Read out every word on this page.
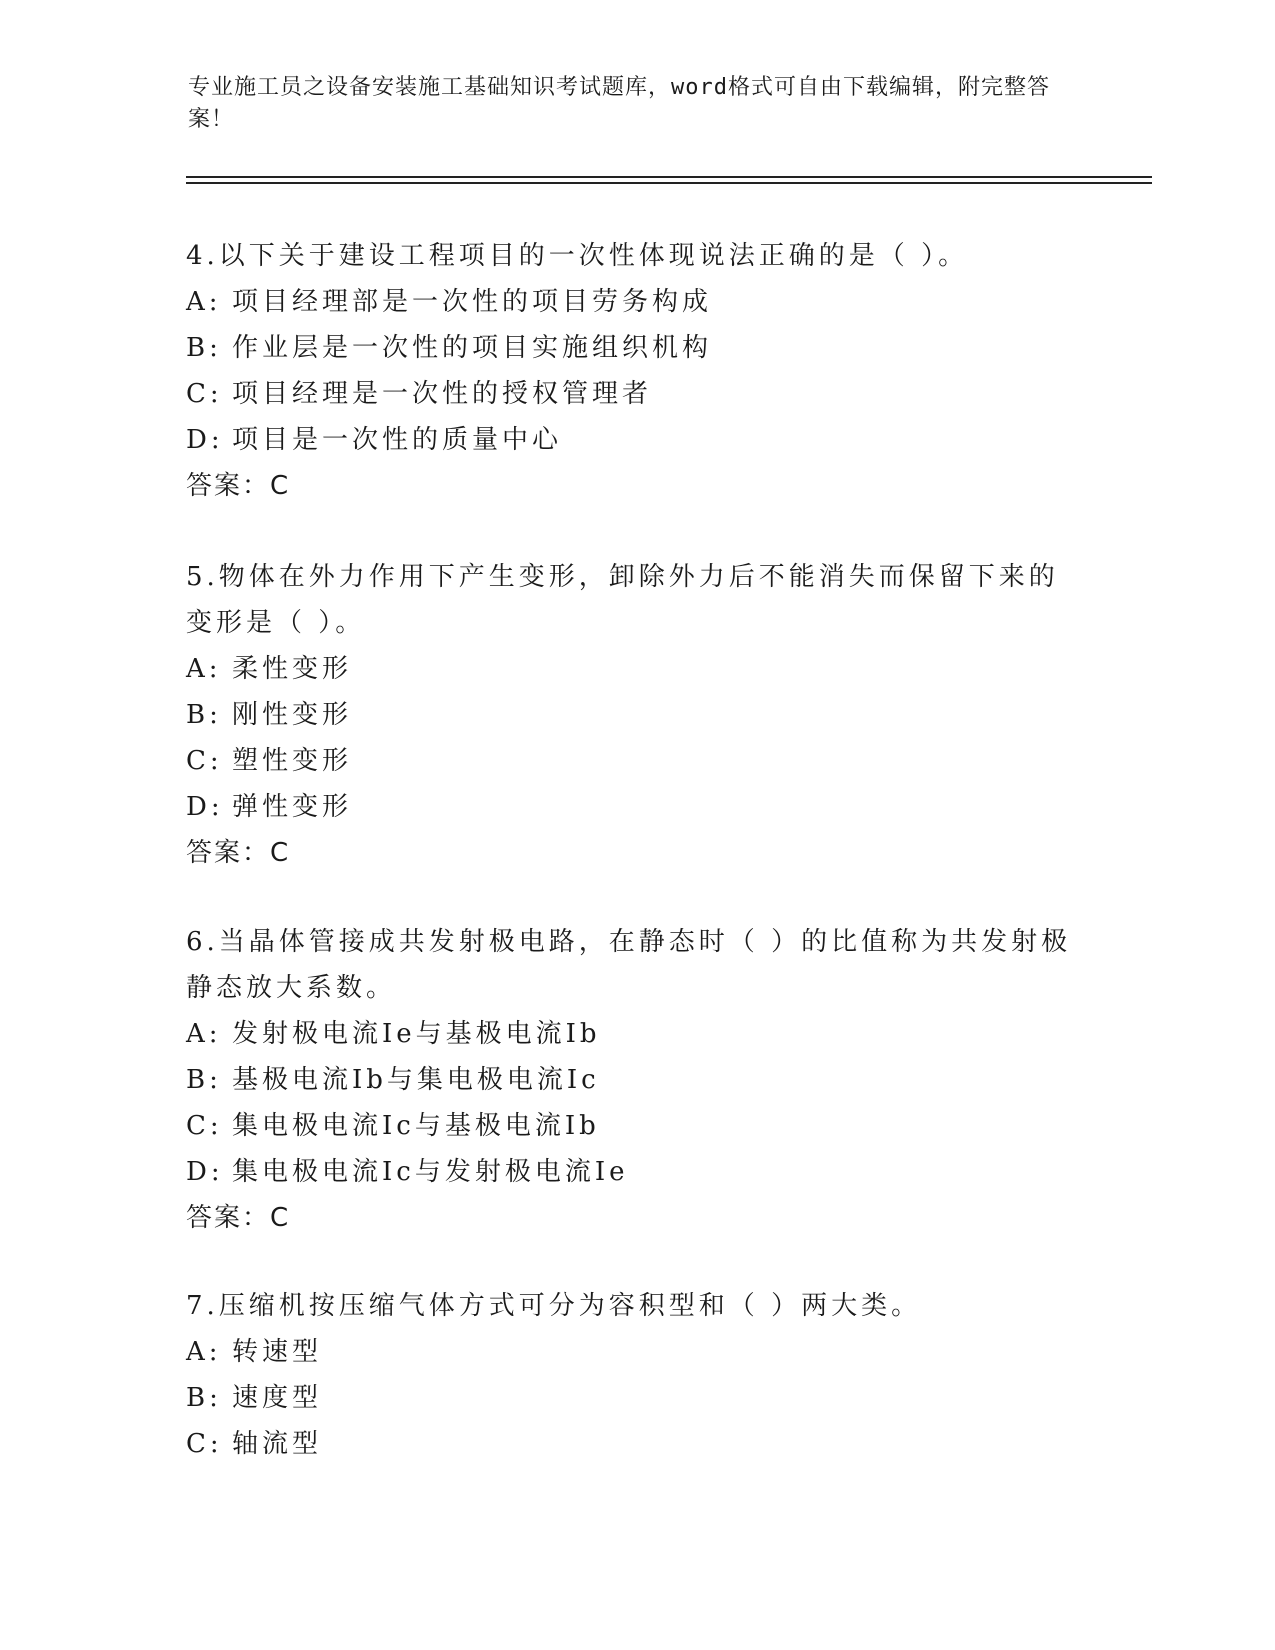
专业施工员之设备安装施工基础知识考试题库，word格式可自由下载编辑，附完整答案！
4.以下关于建设工程项目的一次性体现说法正确的是（ ）。
A: 项目经理部是一次性的项目劳务构成
B: 作业层是一次性的项目实施组织机构
C: 项目经理是一次性的授权管理者
D: 项目是一次性的质量中心
答案：C
5.物体在外力作用下产生变形，卸除外力后不能消失而保留下来的变形是（ ）。
A: 柔性变形
B: 刚性变形
C: 塑性变形
D: 弹性变形
答案：C
6.当晶体管接成共发射极电路，在静态时（ ）的比值称为共发射极静态放大系数。
A: 发射极电流Ie与基极电流Ib
B: 基极电流Ib与集电极电流Ic
C: 集电极电流Ic与基极电流Ib
D: 集电极电流Ic与发射极电流Ie
答案：C
7.压缩机按压缩气体方式可分为容积型和（ ）两大类。
A: 转速型
B: 速度型
C: 轴流型
